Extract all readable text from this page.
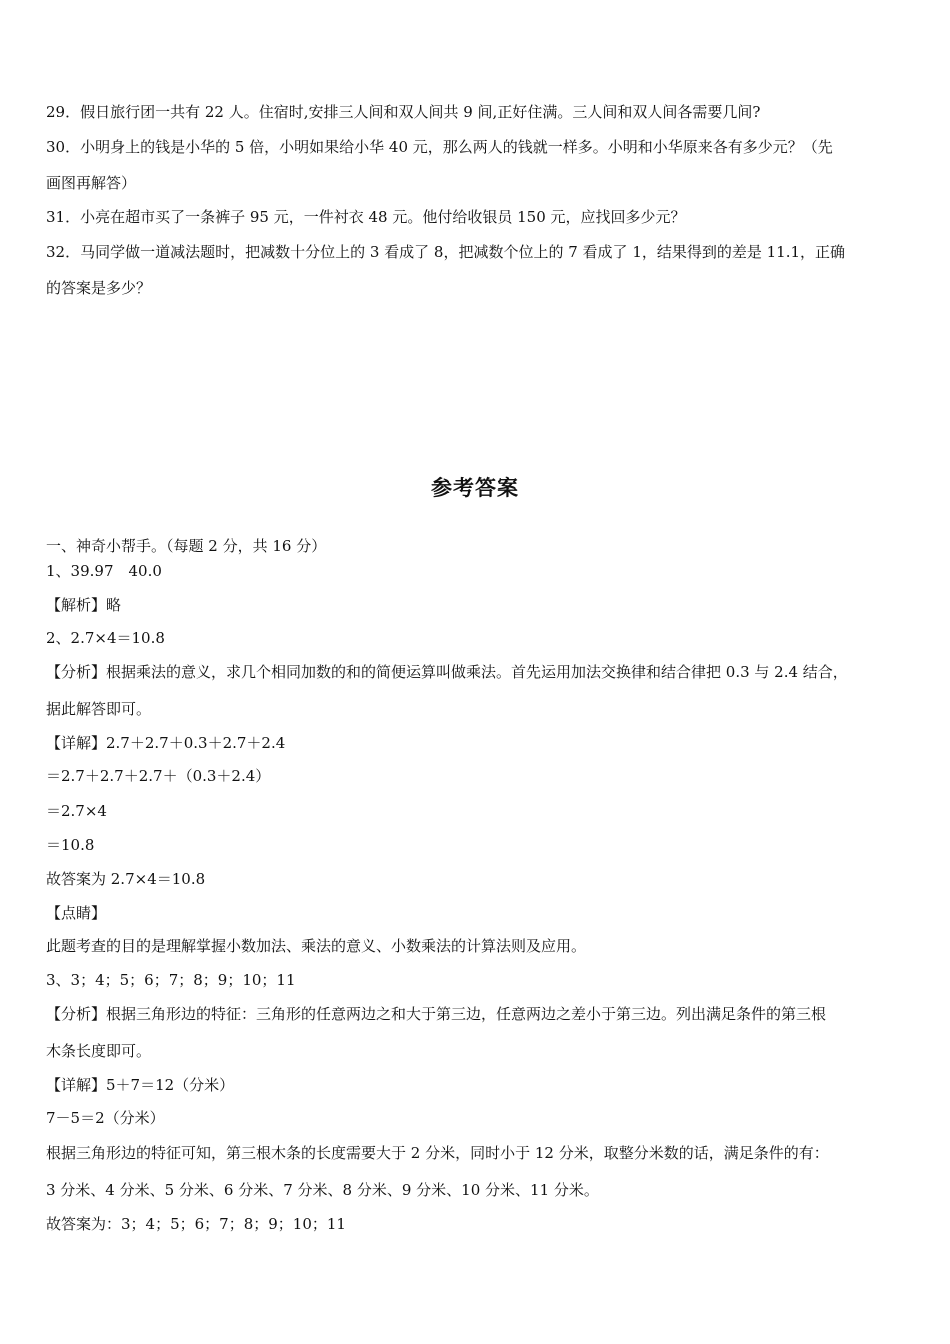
29．假日旅行团一共有 22 人。住宿时,安排三人间和双人间共 9 间,正好住满。三人间和双人间各需要几间?
30．小明身上的钱是小华的 5 倍，小明如果给小华 40 元，那么两人的钱就一样多。小明和小华原来各有多少元？（先
画图再解答）
31．小亮在超市买了一条裤子 95 元，一件衬衣 48 元。他付给收银员 150 元，应找回多少元？
32．马同学做一道减法题时，把减数十分位上的 3 看成了 8，把减数个位上的 7 看成了 1，结果得到的差是 11.1，正确
的答案是多少？
参考答案
一、神奇小帮手。（每题 2 分，共 16 分）
1、39.97　40.0
【解析】略
2、2.7×4＝10.8
【分析】根据乘法的意义，求几个相同加数的和的简便运算叫做乘法。首先运用加法交换律和结合律把 0.3 与 2.4 结合，
据此解答即可。
【详解】2.7＋2.7＋0.3＋2.7＋2.4
＝2.7＋2.7＋2.7＋（0.3＋2.4）
＝2.7×4
＝10.8
故答案为 2.7×4＝10.8
【点睛】
此题考查的目的是理解掌握小数加法、乘法的意义、小数乘法的计算法则及应用。
3、3；4；5；6；7；8；9；10；11
【分析】根据三角形边的特征：三角形的任意两边之和大于第三边，任意两边之差小于第三边。列出满足条件的第三根
木条长度即可。
【详解】5＋7＝12（分米）
7－5＝2（分米）
根据三角形边的特征可知，第三根木条的长度需要大于 2 分米，同时小于 12 分米，取整分米数的话，满足条件的有：
3 分米、4 分米、5 分米、6 分米、7 分米、8 分米、9 分米、10 分米、11 分米。
故答案为：3；4；5；6；7；8；9；10；11
